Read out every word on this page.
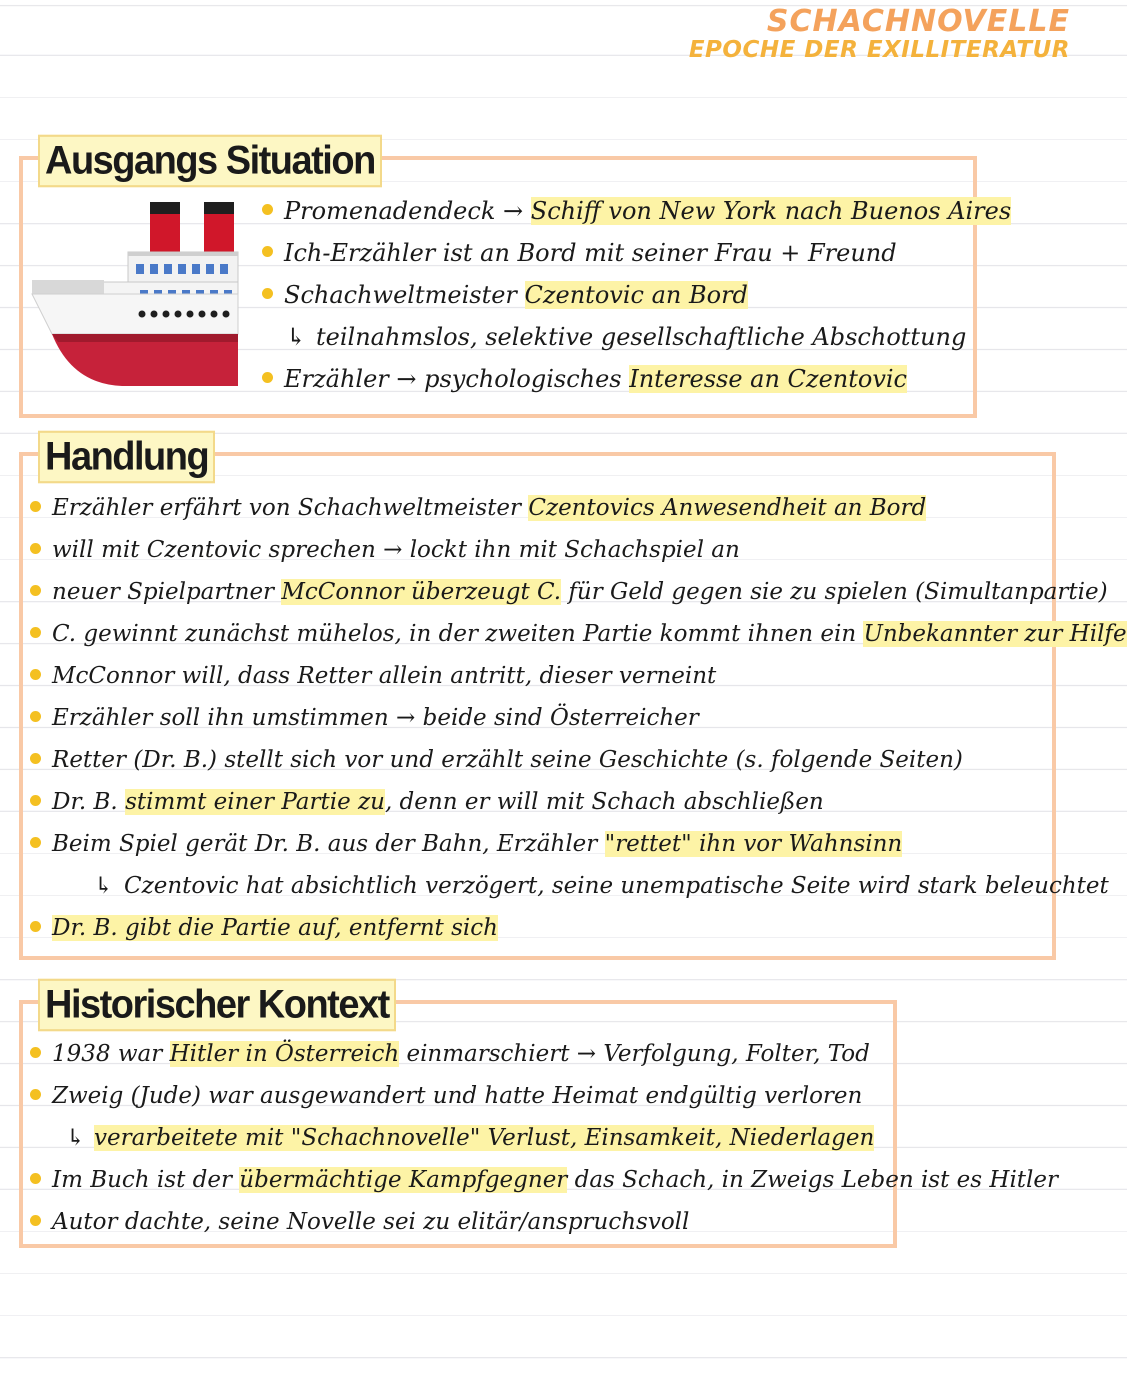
SCHACHNOVELLE
EPOCHE DER EXILLITERATUR
Ausgangs Situation
Promenadendeck → Schiff von New York nach Buenos Aires
Ich-Erzähler ist an Bord mit seiner Frau + Freund
Schachweltmeister Czentovic an Bord
↳ teilnahmslos, selektive gesellschaftliche Abschottung
Erzähler → psychologisches Interesse an Czentovic
Handlung
Erzähler erfährt von Schachweltmeister Czentovics Anwesendheit an Bord
will mit Czentovic sprechen → lockt ihn mit Schachspiel an
neuer Spielpartner McConnor überzeugt C. für Geld gegen sie zu spielen (Simultanpartie)
C. gewinnt zunächst mühelos, in der zweiten Partie kommt ihnen ein Unbekannter zur Hilfe
McConnor will, dass Retter allein antritt, dieser verneint
Erzähler soll ihn umstimmen → beide sind Österreicher
Retter (Dr. B.) stellt sich vor und erzählt seine Geschichte (s. folgende Seiten)
Dr. B. stimmt einer Partie zu, denn er will mit Schach abschließen
Beim Spiel gerät Dr. B. aus der Bahn, Erzähler "rettet" ihn vor Wahnsinn
↳ Czentovic hat absichtlich verzögert, seine unempatische Seite wird stark beleuchtet
Dr. B. gibt die Partie auf, entfernt sich
Historischer Kontext
1938 war Hitler in Österreich einmarschiert → Verfolgung, Folter, Tod
Zweig (Jude) war ausgewandert und hatte Heimat endgültig verloren
↳ verarbeitete mit "Schachnovelle" Verlust, Einsamkeit, Niederlagen
Im Buch ist der übermächtige Kampfgegner das Schach, in Zweigs Leben ist es Hitler
Autor dachte, seine Novelle sei zu elitär/anspruchsvoll
